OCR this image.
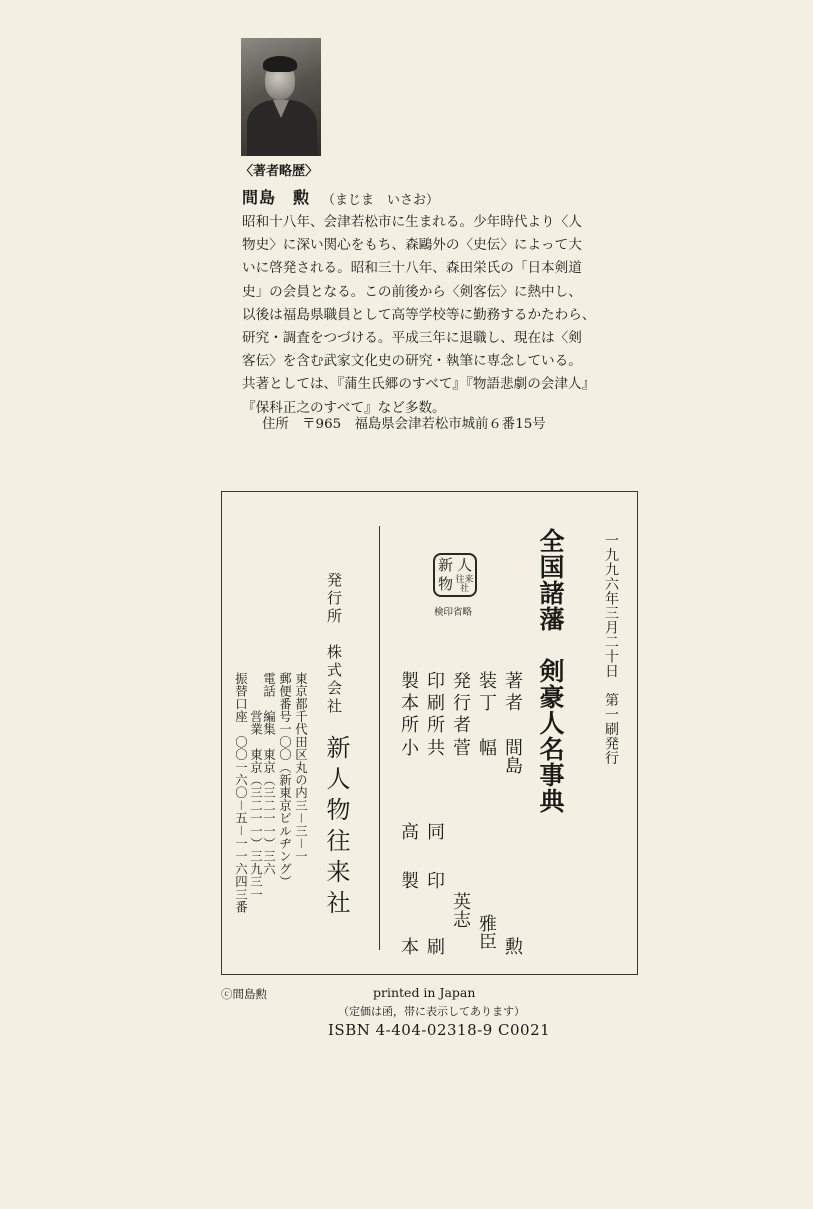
〈著者略歴〉
間島　勲 （まじま　いさお）
昭和十八年、会津若松市に生まれる。少年時代より〈人
物史〉に深い関心をもち、森鷗外の〈史伝〉によって大
いに啓発される。昭和三十八年、森田栄氏の「日本剣道
史」の会員となる。この前後から〈剣客伝〉に熱中し、
以後は福島県職員として高等学校等に勤務するかたわら、
研究・調査をつづける。平成三年に退職し、現在は〈剣
客伝〉を含む武家文化史の研究・執筆に専念している。
共著としては、『蒲生氏郷のすべて』『物語悲劇の会津人』
『保科正之のすべて』など多数。
住所　〒965　福島県会津若松市城前６番15号
一九九六年三月二十日　第一刷発行
全国諸藩　剣豪人名事典
著者
間島
勲
装丁
幅
雅臣
発行者
菅
英志
印刷所
共同
印刷
製本所
小高
製本
新 人
物 往来社
検印省略
発行所　株式会社
新人物往来社
東京都千代田区丸の内三－三－一
郵便番号一〇〇（新東京ビルヂング）
電話　編集　東京（三二一一）三六
　　　営業　東京（三二一一）三九三一
振替口座　〇〇一六〇－五－一一六四三番
ⓒ間島勲	printed in Japan
（定価は函，帯に表示してあります）
ISBN 4-404-02318-9 C0021
